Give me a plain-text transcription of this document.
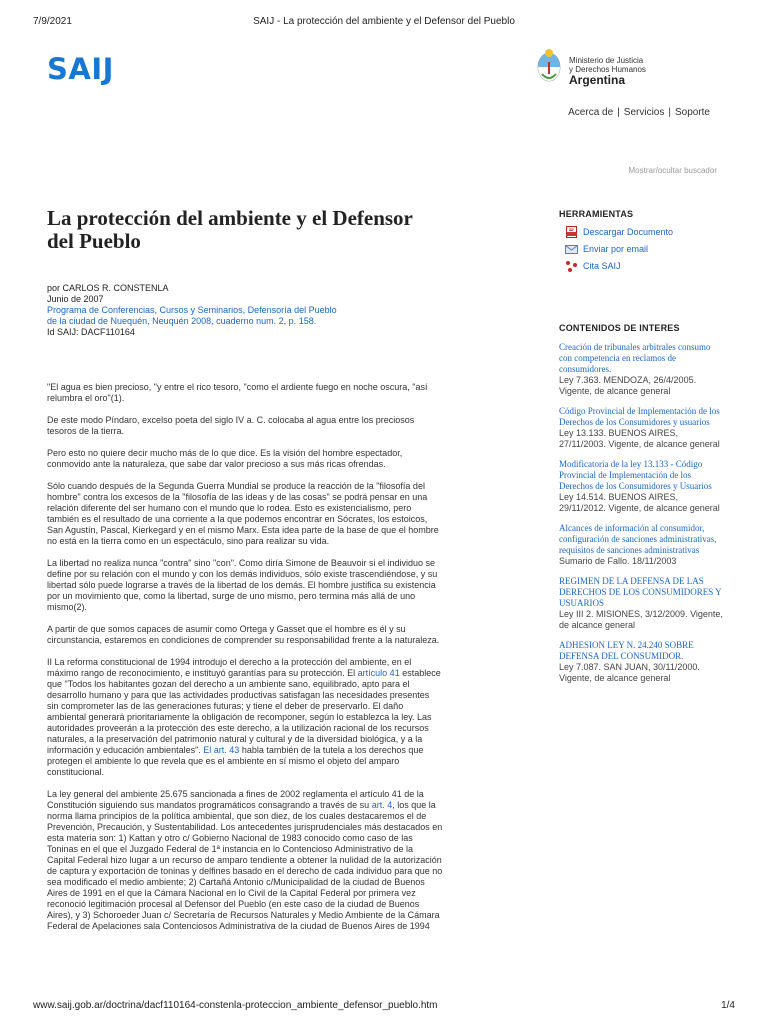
7/9/2021	SAIJ - La protección del ambiente y el Defensor del Pueblo
SAIJ	Ministerio de Justicia
y Derechos Humanos
Argentina
Acerca de | Servicios | Soporte
Mostrar/ocultar buscador
La protección del ambiente y el Defensor del Pueblo
por CARLOS R. CONSTENLA
Junio de 2007
Programa de Conferencias, Cursos y Seminarios, Defensoría del Pueblo de la ciudad de Nuequén, Neuquén 2008, cuaderno num. 2, p. 158.
Id SAIJ: DACF110164

"El agua es bien precioso, "y entre el rico tesoro, "como el ardiente fuego en noche oscura, "así relumbra el oro"(1).

De este modo Píndaro, excelso poeta del siglo IV a. C. colocaba al agua entre los preciosos tesoros de la tierra.

Pero esto no quiere decir mucho más de lo que dice. Es la visión del hombre espectador, conmovido ante la naturaleza, que sabe dar valor precioso a sus más ricas ofrendas.

Sólo cuando después de la Segunda Guerra Mundial se produce la reacción de la "filosofía del hombre" contra los excesos de la "filosofía de las ideas y de las cosas" se podrá pensar en una relación diferente del ser humano con el mundo que lo rodea. Esto es existencialismo, pero también es el resultado de una corriente a la que podemos encontrar en Sócrates, los estoicos, San Agustín, Pascal, Kierkegard y en el mismo Marx. Esta idea parte de la base de que el hombre no está en la tierra como en un espectáculo, sino para realizar su vida.

La libertad no realiza nunca "contra" sino "con". Como diría Simone de Beauvoir si el individuo se define por su relación con el mundo y con los demás individuos, sólo existe trascendiéndose, y su libertad sólo puede lograrse a través de la libertad de los demás. El hombre justifica su existencia por un movimiento que, como la libertad, surge de uno mismo, pero termina más allá de uno mismo(2).

A partir de que somos capaces de asumir como Ortega y Gasset que el hombre es él y su circunstancia, estaremos en condiciones de comprender su responsabilidad frente a la naturaleza.

II La reforma constitucional de 1994 introdujo el derecho a la protección del ambiente, en el máximo rango de reconocimiento, e instituyó garantías para su protección. El artículo 41 establece que "Todos los habitantes gozan del derecho a un ambiente sano, equilibrado, apto para el desarrollo humano y para que las actividades productivas satisfagan las necesidades presentes sin comprometer las de las generaciones futuras; y tiene el deber de preservarlo. El daño ambiental generará prioritariamente la obligación de recomponer, según lo establezca la ley. Las autoridades proveerán a la protección des este derecho, a la utilización racional de los recursos naturales, a la preservación del patrimonio natural y cultural y de la diversidad biológica, y a la información y educación ambientales". El art. 43 habla también de la tutela a los derechos que protegen el ambiente lo que revela que es el ambiente en sí mismo el objeto del amparo constitucional.

La ley general del ambiente 25.675 sancionada a fines de 2002 reglamenta el artículo 41 de la Constitución siguiendo sus mandatos programáticos consagrando a través de su art. 4, los que la norma llama principios de la política ambiental, que son diez, de los cuales destacaremos el de Prevención, Precaución, y Sustentabilidad. Los antecedentes jurisprudenciales más destacados en esta materia son: 1) Kattan y otro c/ Gobierno Nacional de 1983 conocido como caso de las Toninas en el que el Juzgado Federal de 1ª instancia en lo Contencioso Administrativo de la Capital Federal hizo lugar a un recurso de amparo tendiente a obtener la nulidad de la autorización de captura y exportación de toninas y delfines basado en el derecho de cada individuo para que no sea modificado el medio ambiente; 2) Cartañá Antonio c/Municipalidad de la ciudad de Buenos Aires de 1991 en el que la Cámara Nacional en lo Civil de la Capital Federal por primera vez reconoció legitimación procesal al Defensor del Pueblo (en este caso de la ciudad de Buenos Aires), y 3) Schoroeder Juan c/ Secretaría de Recursos Naturales y Medio Ambiente de la Cámara Federal de Apelaciones sala Contenciosos Administrativa de la ciudad de Buenos Aires de 1994

HERRAMIENTAS
Descargar Documento
Enviar por email
Cita SAIJ
CONTENIDOS DE INTERES
Creación de tribunales arbitrales consumo con competencia en reclamos de consumidores.
Ley 7.363. MENDOZA, 26/4/2005. Vigente, de alcance general
Código Provincial de Implementación de los Derechos de los Consumidores y usuarios
Ley 13.133. BUENOS AIRES, 27/11/2003. Vigente, de alcance general
Modificatoria de la ley 13.133 - Código Provincial de Implementación de los Derechos de los Consumidores y Usuarios
Ley 14.514. BUENOS AIRES, 29/11/2012. Vigente, de alcance general
Alcances de información al consumidor, configuración de sanciones administrativas, requisitos de sanciones administrativas
Sumario de Fallo. 18/11/2003
REGIMEN DE LA DEFENSA DE LAS DERECHOS DE LOS CONSUMIDORES Y USUARIOS
Ley III 2. MISIONES, 3/12/2009. Vigente, de alcance general
ADHESION LEY N. 24.240 SOBRE DEFENSA DEL CONSUMIDOR.
Ley 7.087. SAN JUAN, 30/11/2000. Vigente, de alcance general
www.saij.gob.ar/doctrina/dacf110164-constenla-proteccion_ambiente_defensor_pueblo.htm	1/4
